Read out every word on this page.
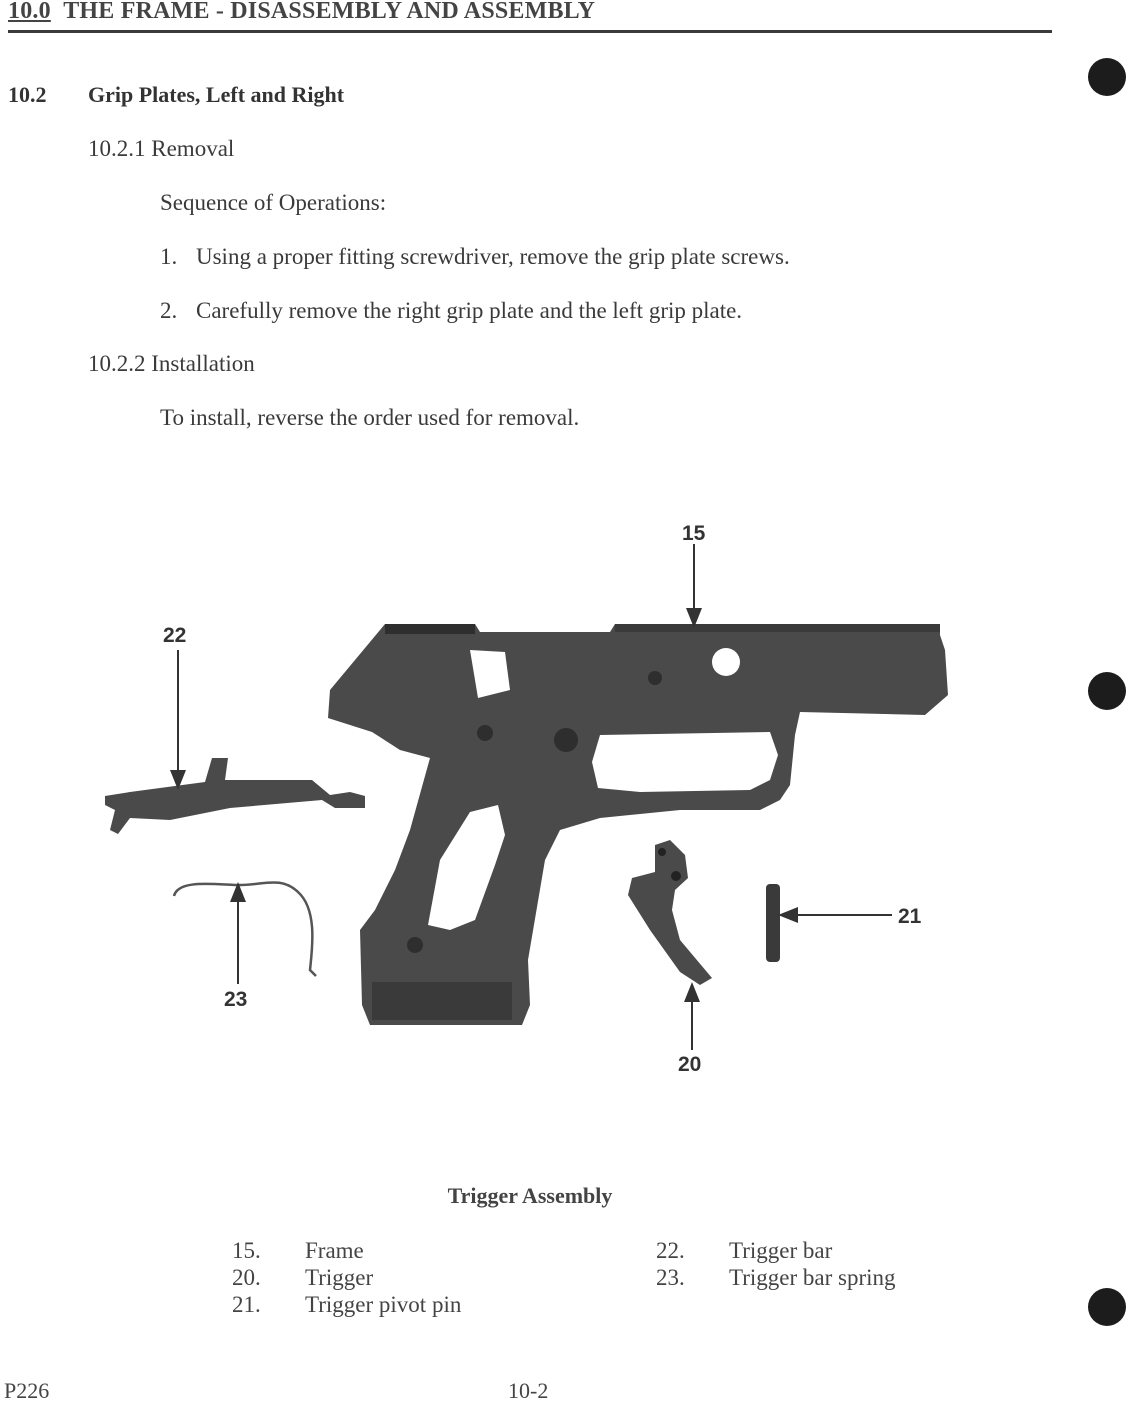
10.0 THE FRAME - DISASSEMBLY AND ASSEMBLY
10.2 Grip Plates, Left and Right
10.2.1 Removal
Sequence of Operations:
1. Using a proper fitting screwdriver, remove the grip plate screws.
2. Carefully remove the right grip plate and the left grip plate.
10.2.2 Installation
To install, reverse the order used for removal.
15
22
23
20
21
Trigger Assembly
15. Frame
20. Trigger
21. Trigger pivot pin
22. Trigger bar
23. Trigger bar spring
P226	10-2
